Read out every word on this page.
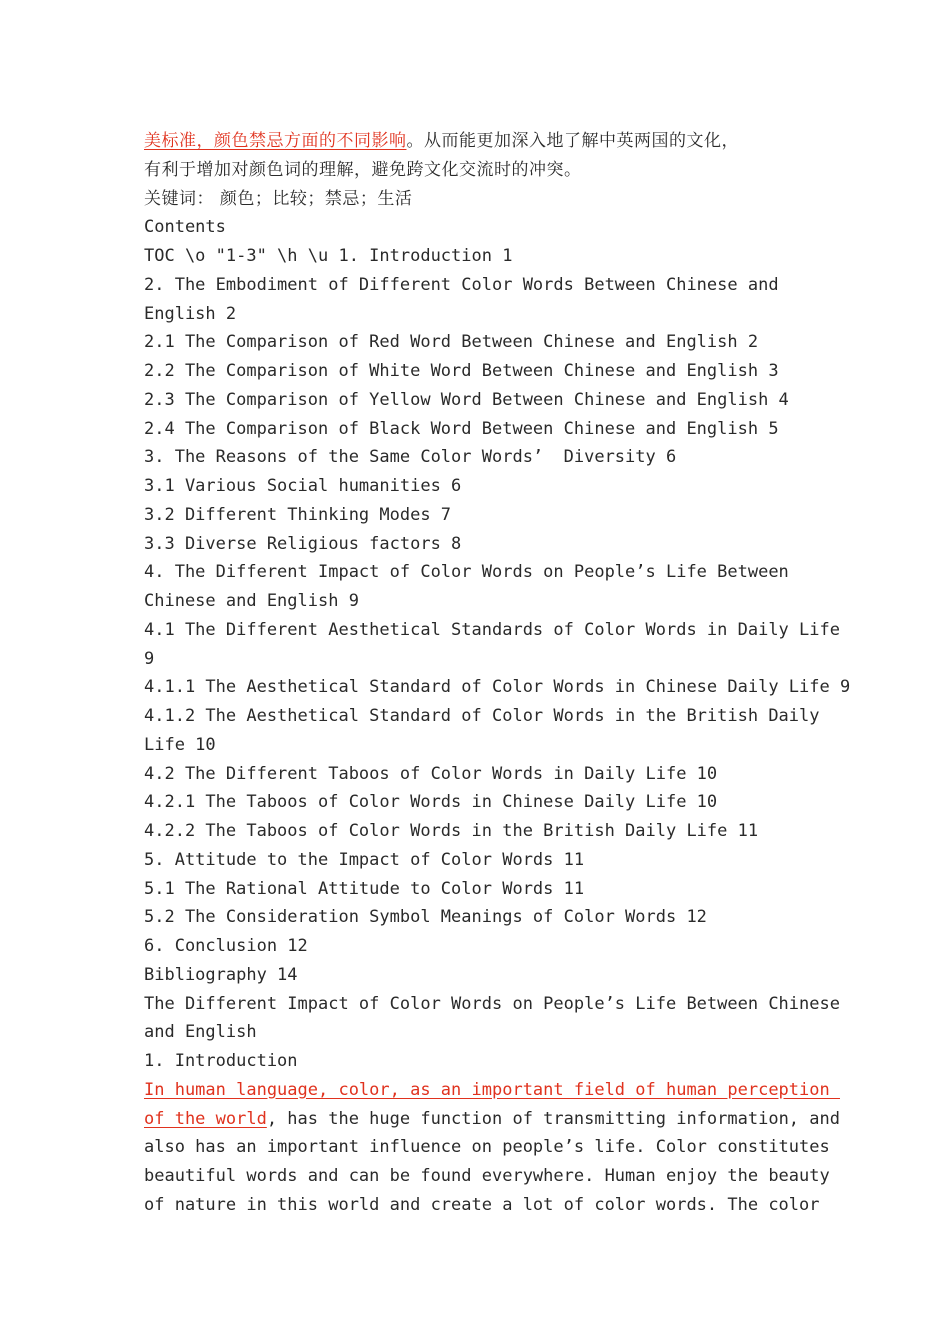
美标准，颜色禁忌方面的不同影响。从而能更加深入地了解中英两国的文化，
有利于增加对颜色词的理解，避免跨文化交流时的冲突。
关键词： 颜色；比较；禁忌；生活
Contents
TOC \o "1-3" \h \u 1. Introduction 1
2. The Embodiment of Different Color Words Between Chinese and
English 2
2.1 The Comparison of Red Word Between Chinese and English 2
2.2 The Comparison of White Word Between Chinese and English 3
2.3 The Comparison of Yellow Word Between Chinese and English 4
2.4 The Comparison of Black Word Between Chinese and English 5
3. The Reasons of the Same Color Words’  Diversity 6
3.1 Various Social humanities 6
3.2 Different Thinking Modes 7
3.3 Diverse Religious factors 8
4. The Different Impact of Color Words on People’s Life Between
Chinese and English 9
4.1 The Different Aesthetical Standards of Color Words in Daily Life
9
4.1.1 The Aesthetical Standard of Color Words in Chinese Daily Life 9
4.1.2 The Aesthetical Standard of Color Words in the British Daily
Life 10
4.2 The Different Taboos of Color Words in Daily Life 10
4.2.1 The Taboos of Color Words in Chinese Daily Life 10
4.2.2 The Taboos of Color Words in the British Daily Life 11
5. Attitude to the Impact of Color Words 11
5.1 The Rational Attitude to Color Words 11
5.2 The Consideration Symbol Meanings of Color Words 12
6. Conclusion 12
Bibliography 14
The Different Impact of Color Words on People’s Life Between Chinese
and English
1. Introduction
In human language, color, as an important field of human perception
of the world, has the huge function of transmitting information, and
also has an important influence on people’s life. Color constitutes
beautiful words and can be found everywhere. Human enjoy the beauty
of nature in this world and create a lot of color words. The color
